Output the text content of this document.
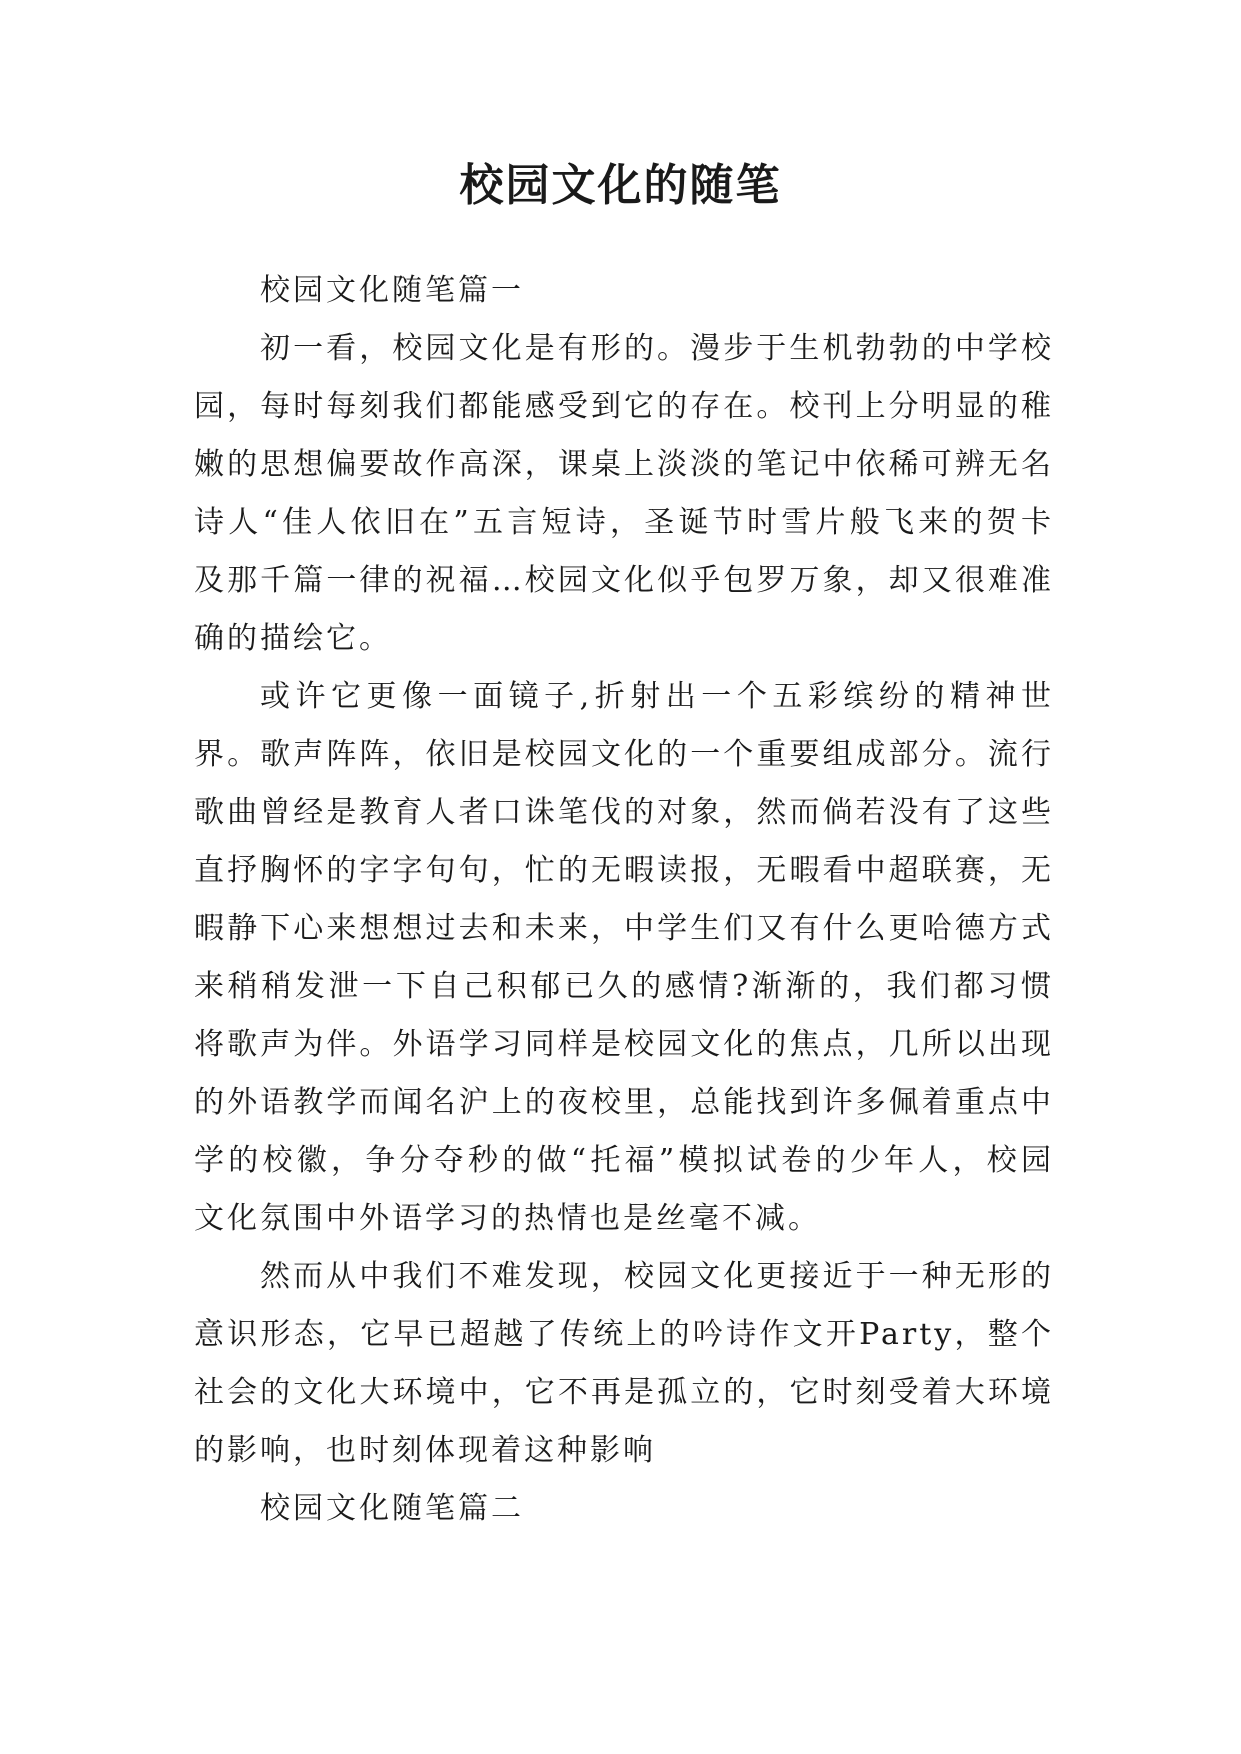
校园文化的随笔

校园文化随笔篇一

初一看，校园文化是有形的。漫步于生机勃勃的中学校园，每时每刻我们都能感受到它的存在。校刊上分明显的稚嫩的思想偏要故作高深，课桌上淡淡的笔记中依稀可辨无名诗人“佳人依旧在”五言短诗，圣诞节时雪片般飞来的贺卡及那千篇一律的祝福…校园文化似乎包罗万象，却又很难准确的描绘它。

或许它更像一面镜子,折射出一个五彩缤纷的精神世界。歌声阵阵，依旧是校园文化的一个重要组成部分。流行歌曲曾经是教育人者口诛笔伐的对象，然而倘若没有了这些直抒胸怀的字字句句，忙的无暇读报，无暇看中超联赛，无暇静下心来想想过去和未来，中学生们又有什么更哈德方式来稍稍发泄一下自己积郁已久的感情?渐渐的，我们都习惯将歌声为伴。外语学习同样是校园文化的焦点，几所以出现的外语教学而闻名沪上的夜校里，总能找到许多佩着重点中学的校徽，争分夺秒的做“托福”模拟试卷的少年人，校园文化氛围中外语学习的热情也是丝毫不减。

然而从中我们不难发现，校园文化更接近于一种无形的意识形态，它早已超越了传统上的吟诗作文开Party，整个社会的文化大环境中，它不再是孤立的，它时刻受着大环境的影响，也时刻体现着这种影响

校园文化随笔篇二
